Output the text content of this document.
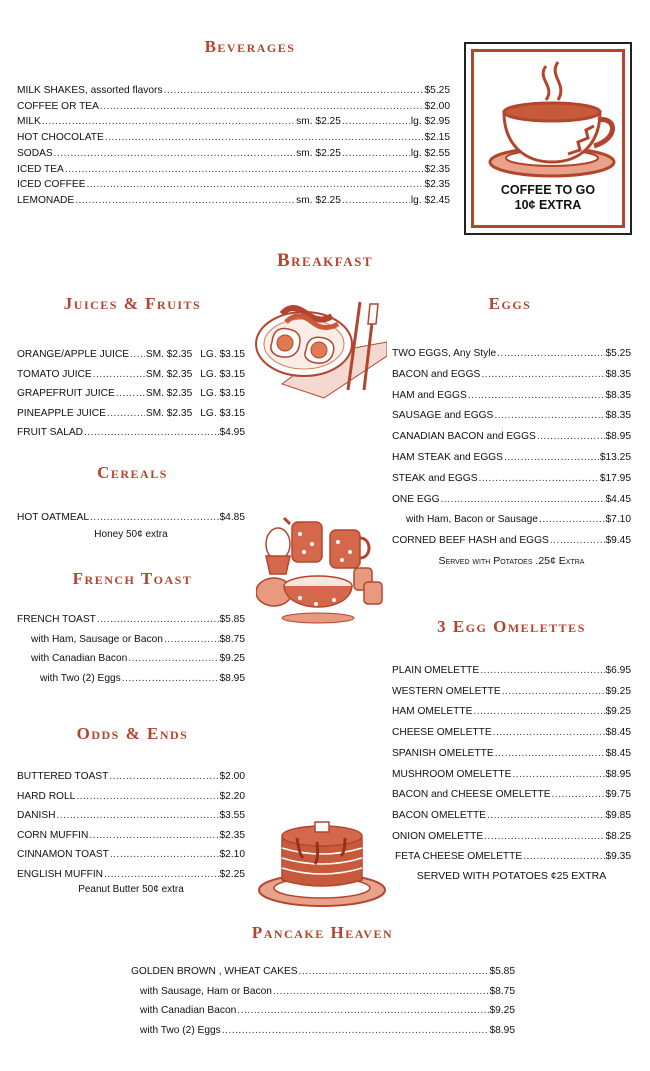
Beverages
MILK SHAKES, assorted flavors .....	$5.25
COFFEE OR TEA .....	$2.00
MILK .....	sm. $2.25 .....	lg. $2.95
HOT CHOCOLATE .....	$2.15
SODAS .....	sm. $2.25 .....	lg. $2.55
ICED TEA .....	$2.35
ICED COFFEE .....	$2.35
LEMONADE .....	sm. $2.25 .....	lg. $2.45
COFFEE TO GO
10¢ EXTRA
Breakfast
Juices & Fruits
ORANGE/APPLE JUICE ..... SM. $2.35 LG. $3.15
TOMATO JUICE .....	SM. $2.35 LG. $3.15
GRAPEFRUIT JUICE .....	SM. $2.35 LG. $3.15
PINEAPPLE JUICE .....	SM. $2.35 LG. $3.15
FRUIT SALAD .....	$4.95
Cereals
HOT OATMEAL .....	$4.85
Honey 50¢ extra
French Toast
FRENCH TOAST .....	$5.85
with Ham, Sausage or Bacon .....	$8.75
with Canadian Bacon .....	$9.25
with Two (2) Eggs .....	$8.95
Odds & Ends
BUTTERED TOAST .....	$2.00
HARD ROLL .....	$2.20
DANISH .....	$3.55
CORN MUFFIN .....	$2.35
CINNAMON TOAST .....	$2.10
ENGLISH MUFFIN .....	$2.25
Peanut Butter 50¢ extra
Eggs
TWO EGGS, Any Style .....	$5.25
BACON and EGGS .....	$8.35
HAM and EGGS .....	$8.35
SAUSAGE and EGGS .....	$8.35
CANADIAN BACON and EGGS .....	$8.95
HAM STEAK and EGGS .....	$13.25
STEAK and EGGS .....	$17.95
ONE EGG .....	$4.45
with Ham, Bacon or Sausage .....	$7.10
CORNED BEEF HASH and EGGS .....	$9.45
Served with Potatoes .25¢ Extra
3 Egg Omelettes
PLAIN OMELETTE .....	$6.95
WESTERN OMELETTE .....	$9.25
HAM OMELETTE .....	$9.25
CHEESE OMELETTE .....	$8.45
SPANISH OMELETTE .....	$8.45
MUSHROOM OMELETTE .....	$8.95
BACON and CHEESE OMELETTE .....	$9.75
BACON OMELETTE .....	$9.85
ONION OMELETTE .....	$8.25
FETA CHEESE OMELETTE .....	$9.35
SERVED WITH POTATOES ¢25 EXTRA
Pancake Heaven
GOLDEN BROWN , WHEAT CAKES .....	$5.85
with Sausage, Ham or Bacon .....	$8.75
with Canadian Bacon .....	$9.25
with Two (2) Eggs .....	$8.95
